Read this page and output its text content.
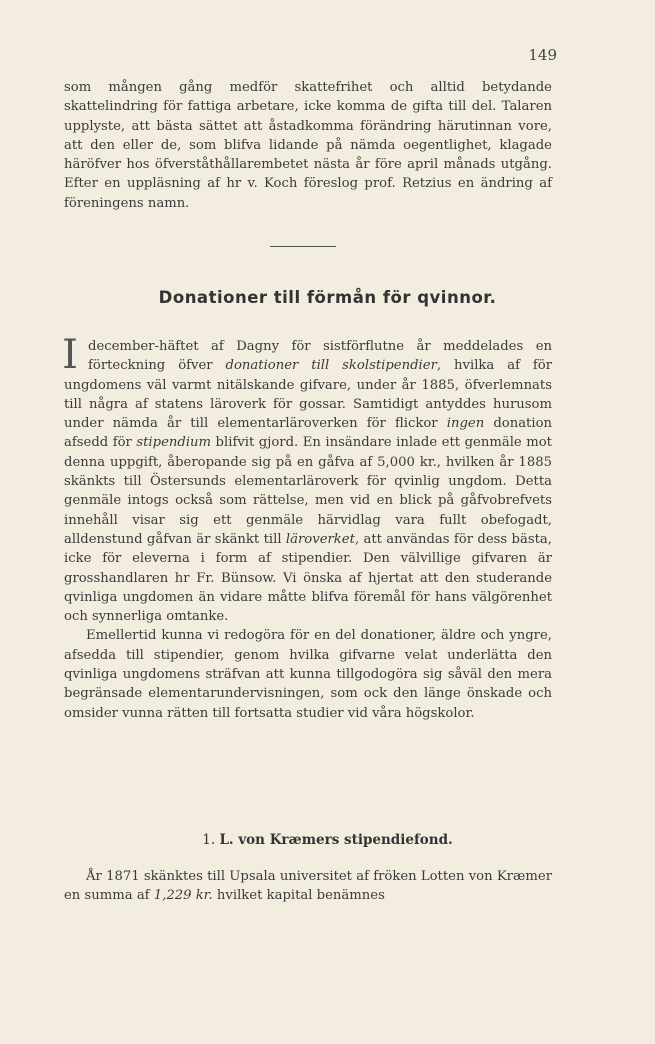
149

som mången gång medför skattefrihet och alltid betydande skattelindring för fattiga arbetare, icke komma de gifta till del. Talaren upplyste, att bästa sättet att åstadkomma förändring härutinnan vore, att den eller de, som blifva lidande på nämda oegentlighet, klagade häröfver hos öfverståthållarembetet nästa år före april månads utgång. Efter en uppläsning af hr v. Koch föreslog prof. Retzius en ändring af föreningens namn.

Donationer till förmån för qvinnor.

Idecember-häftet af Dagny för sistförflutne år meddelades en förteckning öfver donationer till skolstipendier, hvilka af för ungdomens väl varmt nitälskande gifvare, under år 1885, öfverlemnats till några af statens läroverk för gossar. Samtidigt antyddes hurusom under nämda år till elementarläroverken för flickor ingen donation afsedd för stipendium blifvit gjord. En insändare inlade ett genmäle mot denna uppgift, åberopande sig på en gåfva af 5,000 kr., hvilken år 1885 skänkts till Östersunds elementarläroverk för qvinlig ungdom. Detta genmäle intogs också som rättelse, men vid en blick på gåfvobrefvets innehåll visar sig ett genmäle härvidlag vara fullt obefogadt, alldenstund gåfvan är skänkt till läroverket, att användas för dess bästa, icke för eleverna i form af stipendier. Den välvillige gifvaren är grosshandlaren hr Fr. Bünsow. Vi önska af hjertat att den studerande qvinliga ungdomen än vidare måtte blifva föremål för hans välgörenhet och synnerliga omtanke.

Emellertid kunna vi redogöra för en del donationer, äldre och yngre, afsedda till stipendier, genom hvilka gifvarne velat underlätta den qvinliga ungdomens sträfvan att kunna tillgodogöra sig såväl den mera begränsade elementarundervisningen, som ock den länge önskade och omsider vunna rätten till fortsatta studier vid våra högskolor.

1. L. von Kræmers stipendiefond.

År 1871 skänktes till Upsala universitet af fröken Lotten von Kræmer en summa af 1,229 kr. hvilket kapital benämnes
